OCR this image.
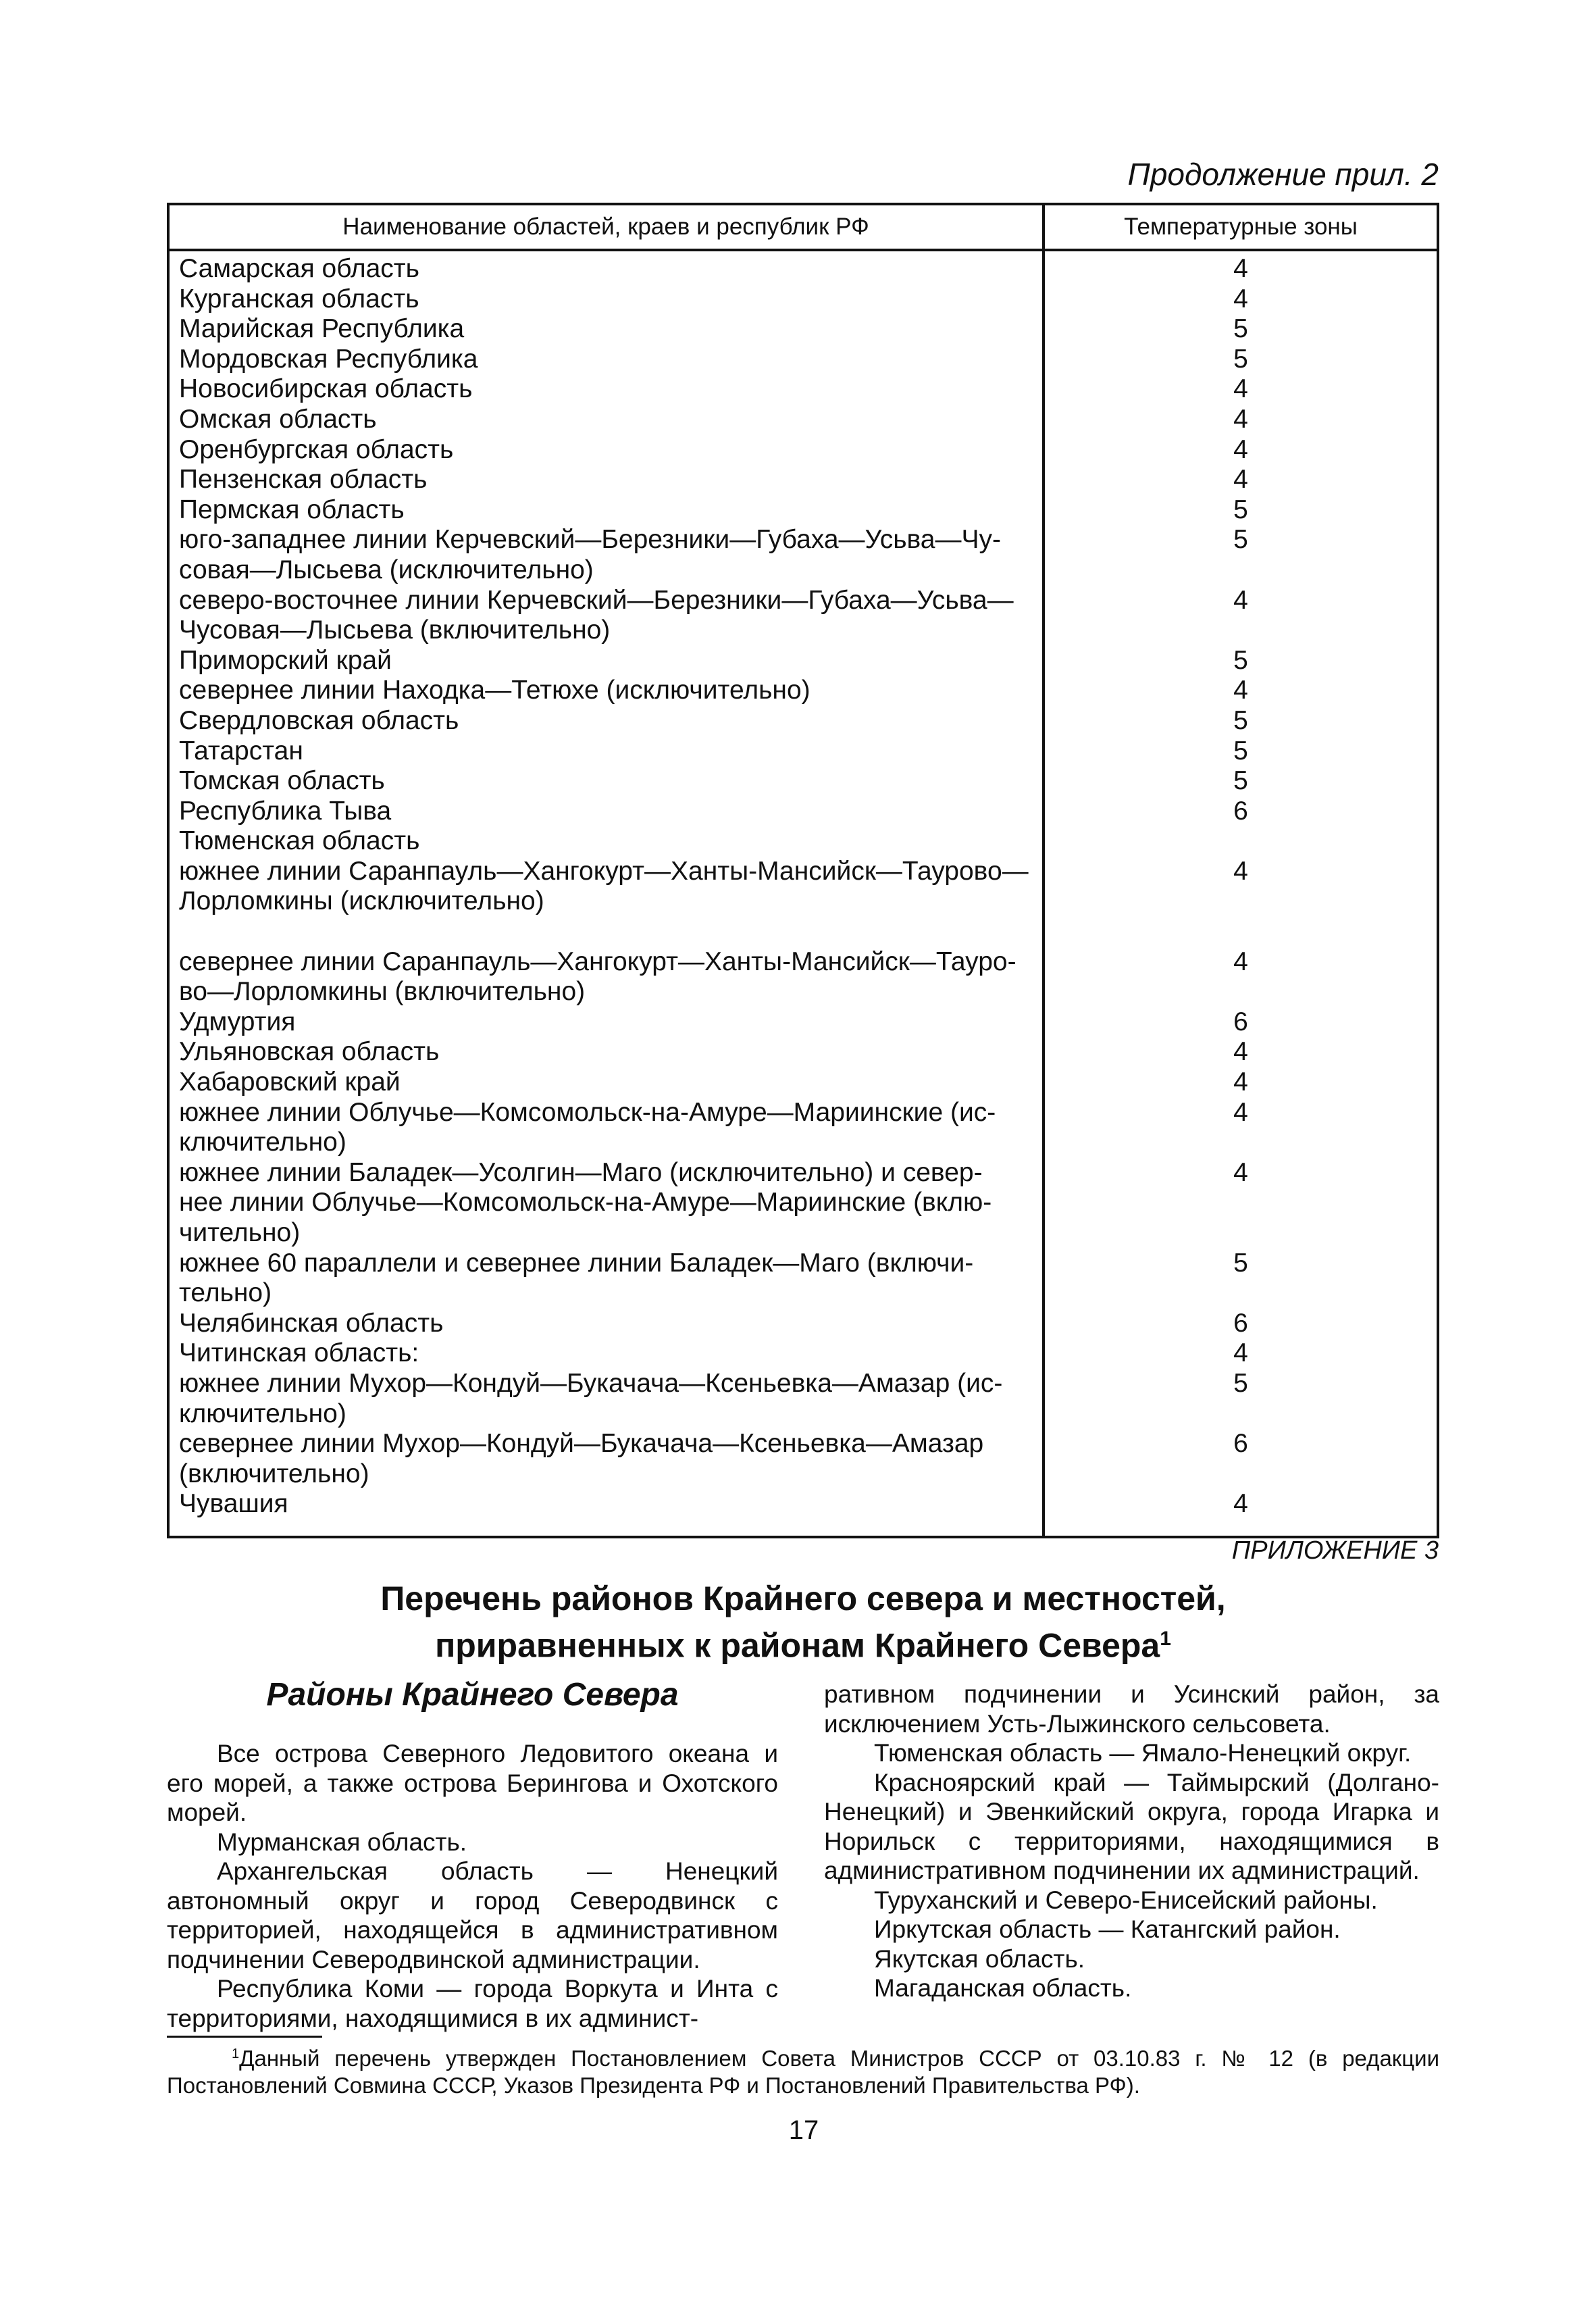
Продолжение прил. 2
Наименование областей, краев и республик РФ	Температурные зоны
Самарская область
Курганская область
Марийская Республика
Мордовская Республика
Новосибирская область
Омская область
Оренбургская область
Пензенская область
Пермская область
юго-западнее линии Керчевский—Березники—Губаха—Усьва—Чу-
совая—Лысьева (исключительно)
северо-восточнее линии Керчевский—Березники—Губаха—Усьва—
Чусовая—Лысьева (включительно)
Приморский край
севернее линии Находка—Тетюхе (исключительно)
Свердловская область
Татарстан
Томская область
Республика Тыва
Тюменская область
южнее линии Саранпауль—Хангокурт—Ханты-Мансийск—Таурово—
Лорломкины (исключительно)
севернее линии Саранпауль—Хангокурт—Ханты-Мансийск—Тауро-
во—Лорломкины (включительно)
Удмуртия
Ульяновская область
Хабаровский край
южнее линии Облучье—Комсомольск-на-Амуре—Мариинские (ис-
ключительно)
южнее линии Баладек—Усолгин—Маго (исключительно) и север-
нее линии Облучье—Комсомольск-на-Амуре—Мариинские (вклю-
чительно)
южнее 60 параллели и севернее линии Баладек—Маго (включи-
тельно)
Челябинская область
Читинская область:
южнее линии Мухор—Кондуй—Букачача—Ксеньевка—Амазар (ис-
ключительно)
севернее линии Мухор—Кондуй—Букачача—Ксеньевка—Амазар
(включительно)
Чувашия
4
4
5
5
4
4
4
4
5
5
4
5
4
5
5
5
6
4
4
6
4
4
4
4
5
6
4
5
6
4
ПРИЛОЖЕНИЕ 3
Перечень районов Крайнего севера и местностей,
приравненных к районам Крайнего Севера$^1$
Районы Крайнего Севера

Все острова Северного Ледовитого океана и его морей, а также острова Берингова и Охотского морей.

Мурманская область.

Архангельская область — Ненецкий автономный округ и город Северодвинск с территорией, находящейся в административном подчинении Северодвинской администрации.

Республика Коми — города Воркута и Инта с территориями, находящимися в их админист-

ративном подчинении и Усинский район, за исключением Усть-Лыжинского сельсовета.

Тюменская область — Ямало-Ненецкий округ.

Красноярский край — Таймырский (Долгано-Ненецкий) и Эвенкийский округа, города Игарка и Норильск с территориями, находящимися в административном подчинении их администраций.

Туруханский и Северо-Енисейский районы.

Иркутская область — Катангский район.

Якутская область.

Магаданская область.

$^1$Данный перечень утвержден Постановлением Совета Министров СССР от 03.10.83 г. № 12 (в редакции Постановлений Совмина СССР, Указов Президента РФ и Постановлений Правительства РФ).

17
